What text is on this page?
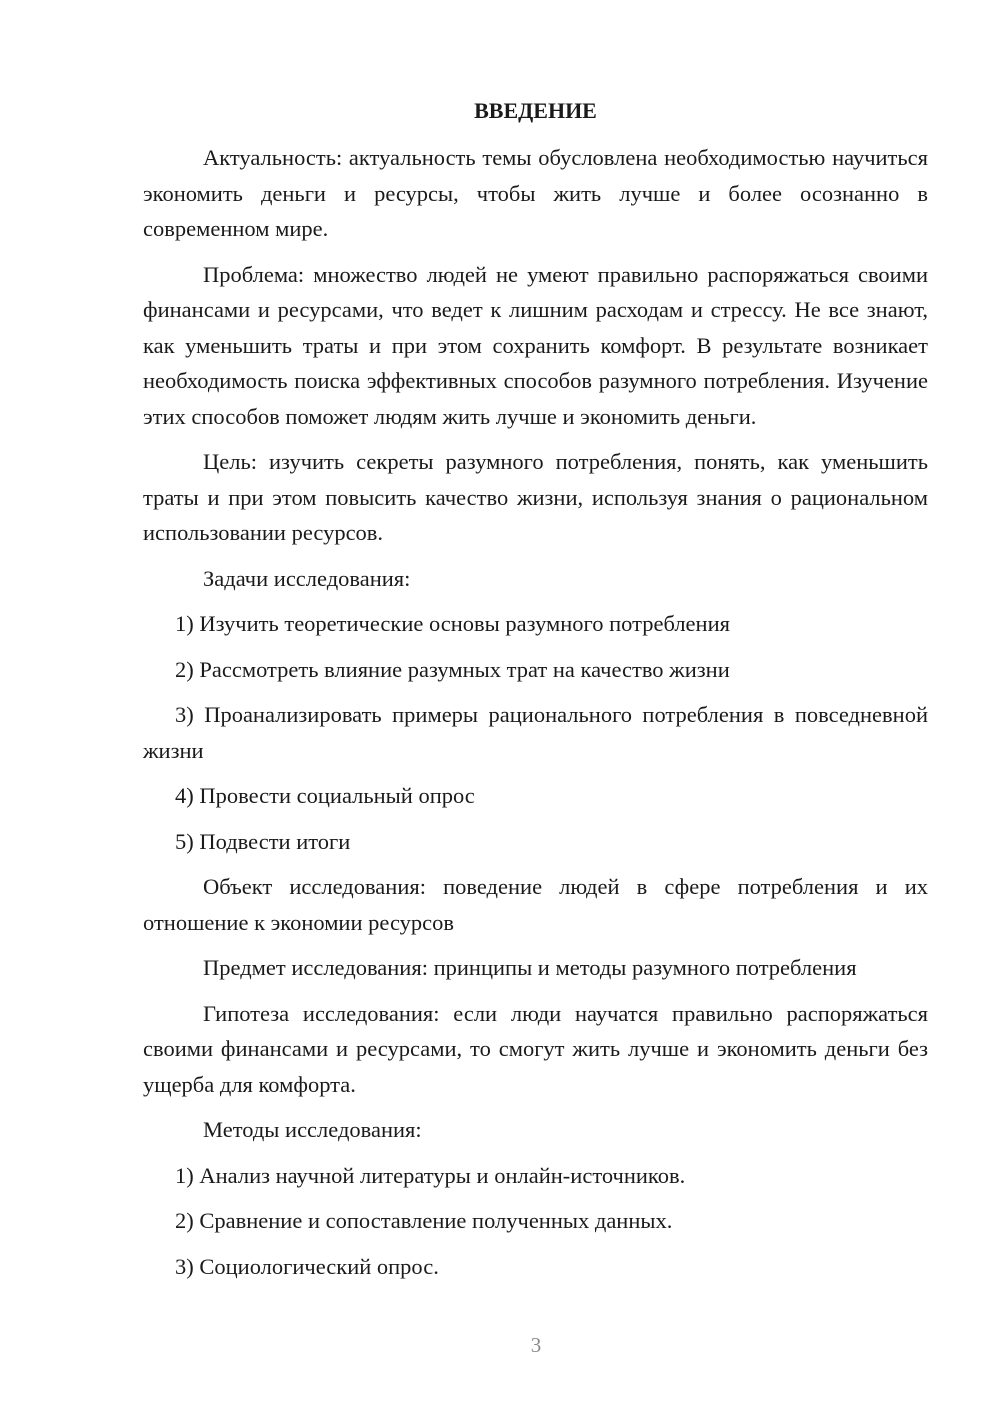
ВВЕДЕНИЕ

Актуальность: актуальность темы обусловлена необходимостью научиться экономить деньги и ресурсы, чтобы жить лучше и более осознанно в современном мире.

Проблема: множество людей не умеют правильно распоряжаться своими финансами и ресурсами, что ведет к лишним расходам и стрессу. Не все знают, как уменьшить траты и при этом сохранить комфорт. В результате возникает необходимость поиска эффективных способов разумного потребления. Изучение этих способов поможет людям жить лучше и экономить деньги.

Цель: изучить секреты разумного потребления, понять, как уменьшить траты и при этом повысить качество жизни, используя знания о рациональном использовании ресурсов.

Задачи исследования:

1) Изучить теоретические основы разумного потребления

2) Рассмотреть влияние разумных трат на качество жизни

3) Проанализировать примеры рационального потребления в повседневной жизни

4) Провести социальный опрос

5) Подвести итоги

Объект исследования: поведение людей в сфере потребления и их отношение к экономии ресурсов

Предмет исследования: принципы и методы разумного потребления

Гипотеза исследования: если люди научатся правильно распоряжаться своими финансами и ресурсами, то смогут жить лучше и экономить деньги без ущерба для комфорта.

Методы исследования:

1) Анализ научной литературы и онлайн-источников.

2) Сравнение и сопоставление полученных данных.

3) Социологический опрос.

3
